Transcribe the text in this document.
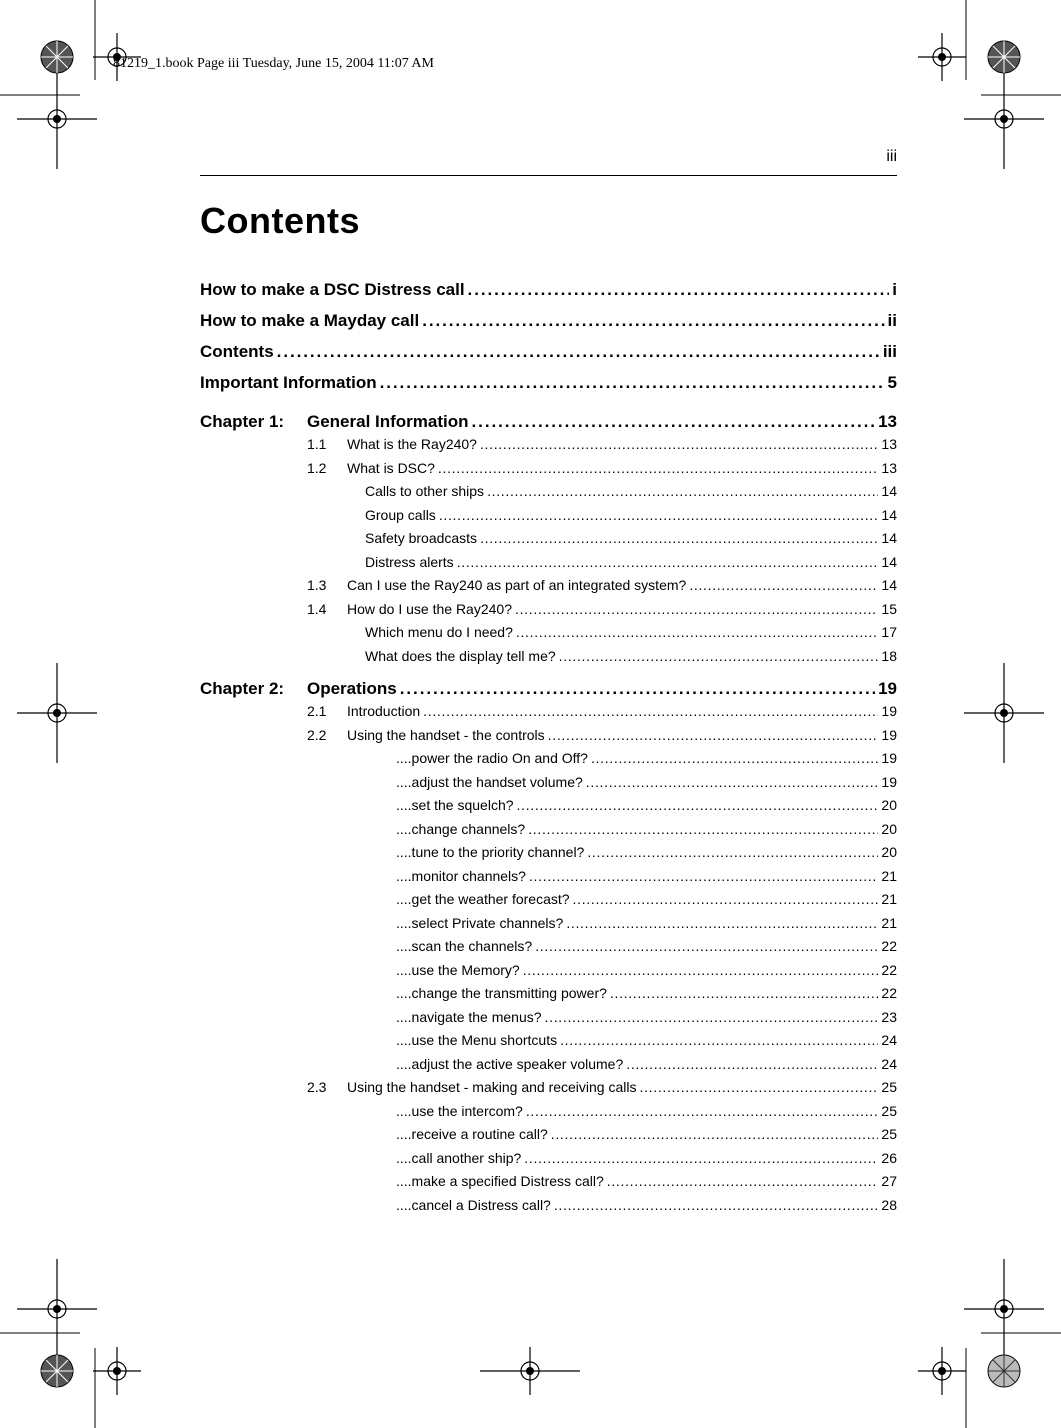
81219_1.book Page iii Tuesday, June 15, 2004 11:07 AM
iii
Contents
How to make a DSC Distress call . . .	i
How to make a Mayday call . . .	ii
Contents . . .	iii
Important Information . . .	5
Chapter 1:	General Information . . .	13
1.1	What is the Ray240? . . .	13
1.2	What is DSC? . . .	13
Calls to other ships . . .	14
Group calls . . .	14
Safety broadcasts . . .	14
Distress alerts . . .	14
1.3	Can I use the Ray240 as part of an integrated system? . . .	14
1.4	How do I use the Ray240? . . .	15
Which menu do I need? . . .	17
What does the display tell me? . . .	18
Chapter 2:	Operations . . .	19
2.1	Introduction . . .	19
2.2	Using the handset - the controls . . .	19
....power the radio On and Off? . . .	19
....adjust the handset volume? . . .	19
....set the squelch? . . .	20
....change channels? . . .	20
....tune to the priority channel? . . .	20
....monitor channels? . . .	21
....get the weather forecast? . . .	21
....select Private channels? . . .	21
....scan the channels? . . .	22
....use the Memory? . . .	22
....change the transmitting power? . . .	22
....navigate the menus? . . .	23
....use the Menu shortcuts . . .	24
....adjust the active speaker volume? . . .	24
2.3	Using the handset - making and receiving calls . . .	25
....use the intercom? . . .	25
....receive a routine call? . . .	25
....call another ship? . . .	26
....make a specified Distress call? . . .	27
....cancel a Distress call? . . .	28
